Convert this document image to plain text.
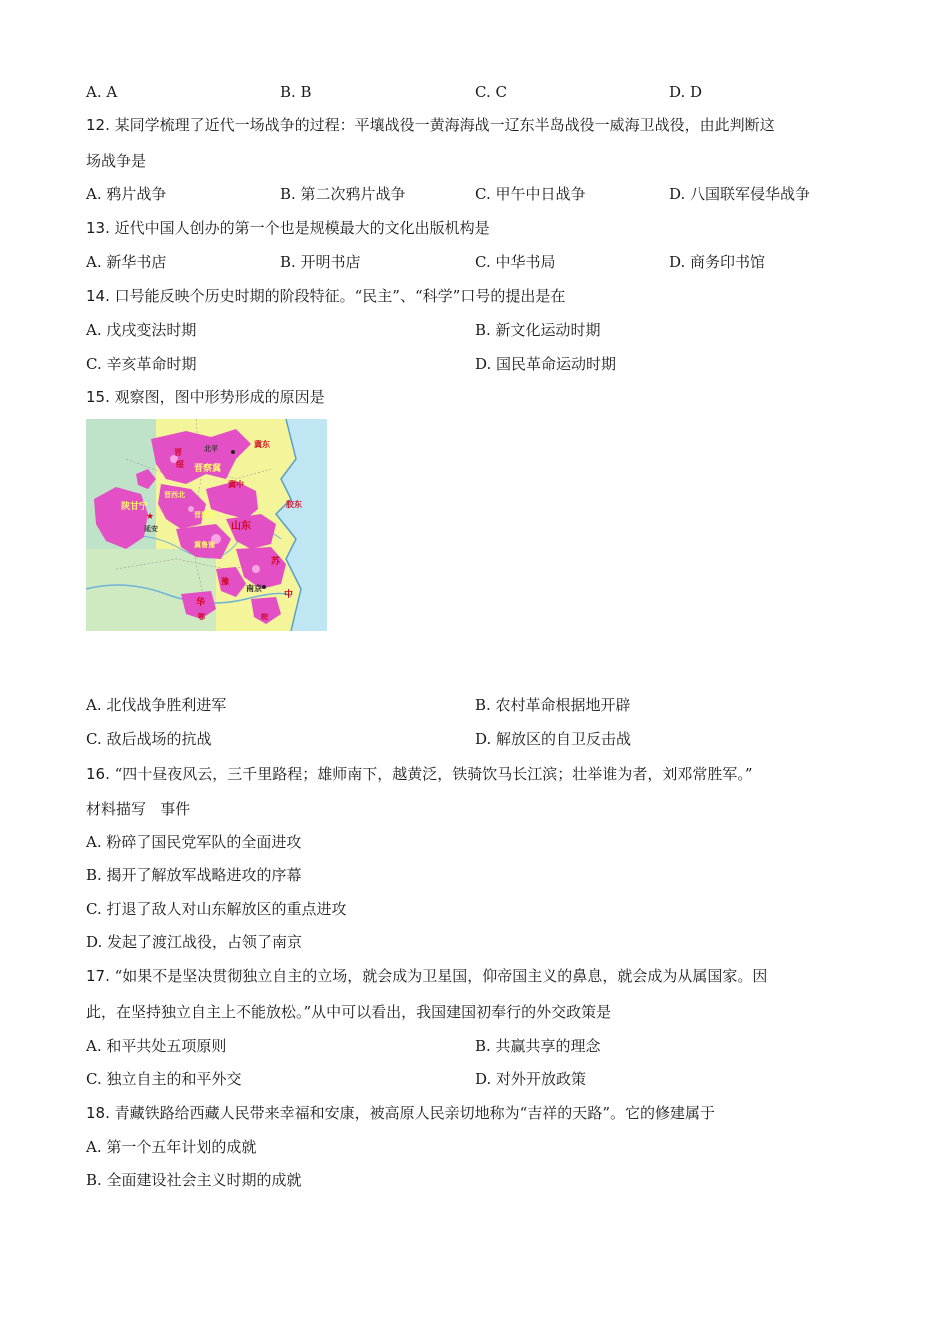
A. A	B. B	C. C	D. D
12. 某同学梳理了近代一场战争的过程：平壤战役一黄海海战一辽东半岛战役一威海卫战役，由此判断这
场战争是
A. 鸦片战争	B. 第二次鸦片战争	C. 甲午中日战争	D. 八国联军侵华战争
13. 近代中国人创办的第一个也是规模最大的文化出版机构是
A. 新华书店	B. 开明书店	C. 中华书局	D. 商务印书馆
14. 口号能反映个历史时期的阶段特征。“民主”、“科学”口号的提出是在
A. 戊戌变法时期	B. 新文化运动时期
C. 辛亥革命时期	D. 国民革命运动时期
15. 观察图，图中形势形成的原因是
★
北平
延安
南京
陕甘宁
晋察冀
晋西北
晋冀豫
冀鲁豫
山东
胶东
冀东
冀中
晋
绥
苏
中
华
皖
豫
鄂
A. 北伐战争胜利进军	B. 农村革命根据地开辟
C. 敌后战场的抗战	D. 解放区的自卫反击战
16. “四十昼夜风云，三千里路程；雄师南下，越黄泛，铁骑饮马长江滨；壮举谁为者，刘邓常胜军。”
材料描写   事件
A. 粉碎了国民党军队的全面进攻
B. 揭开了解放军战略进攻的序幕
C. 打退了敌人对山东解放区的重点进攻
D. 发起了渡江战役，占领了南京
17. “如果不是坚决贯彻独立自主的立场，就会成为卫星国，仰帝国主义的鼻息，就会成为从属国家。因
此，在坚持独立自主上不能放松。”从中可以看出，我国建国初奉行的外交政策是
A. 和平共处五项原则	B. 共赢共享的理念
C. 独立自主的和平外交	D. 对外开放政策
18. 青藏铁路给西藏人民带来幸福和安康，被高原人民亲切地称为“吉祥的天路”。它的修建属于
A. 第一个五年计划的成就
B. 全面建设社会主义时期的成就
